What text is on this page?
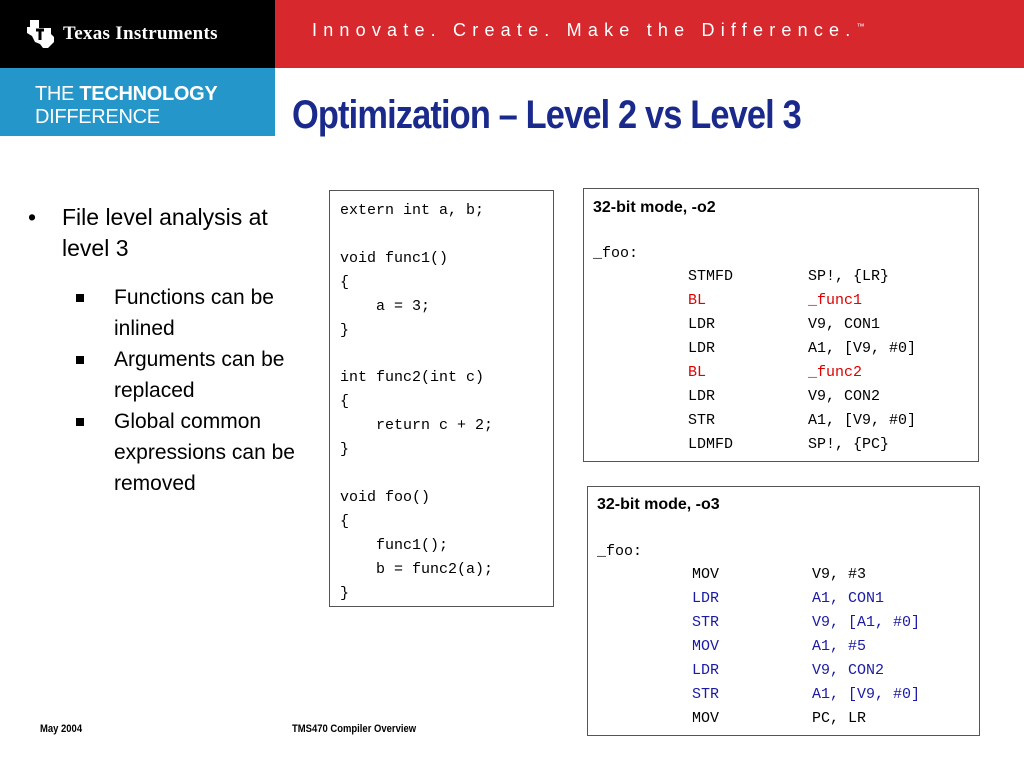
Texas Instruments	Innovate. Create. Make the Difference.™
THE TECHNOLOGY
DIFFERENCE	Optimization – Level 2 vs Level 3
• File level analysis at level 3
Functions can be inlined
Arguments can be replaced
Global common expressions can be removed
extern int a, b;

void func1()
{
a = 3;
}

int func2(int c)
{
return c + 2;
}

void foo()
{
func1();
b = func2(a);
}
32-bit mode, -o2
_foo:
STMFD	SP!, {LR}
BL	_func1
LDR	V9, CON1
LDR	A1, [V9, #0]
BL	_func2
LDR	V9, CON2
STR	A1, [V9, #0]
LDMFD	SP!, {PC}
32-bit mode, -o3
_foo:
MOV	V9, #3
LDR	A1, CON1
STR	V9, [A1, #0]
MOV	A1, #5
LDR	V9, CON2
STR	A1, [V9, #0]
MOV	PC, LR
May 2004	TMS470 Compiler Overview
